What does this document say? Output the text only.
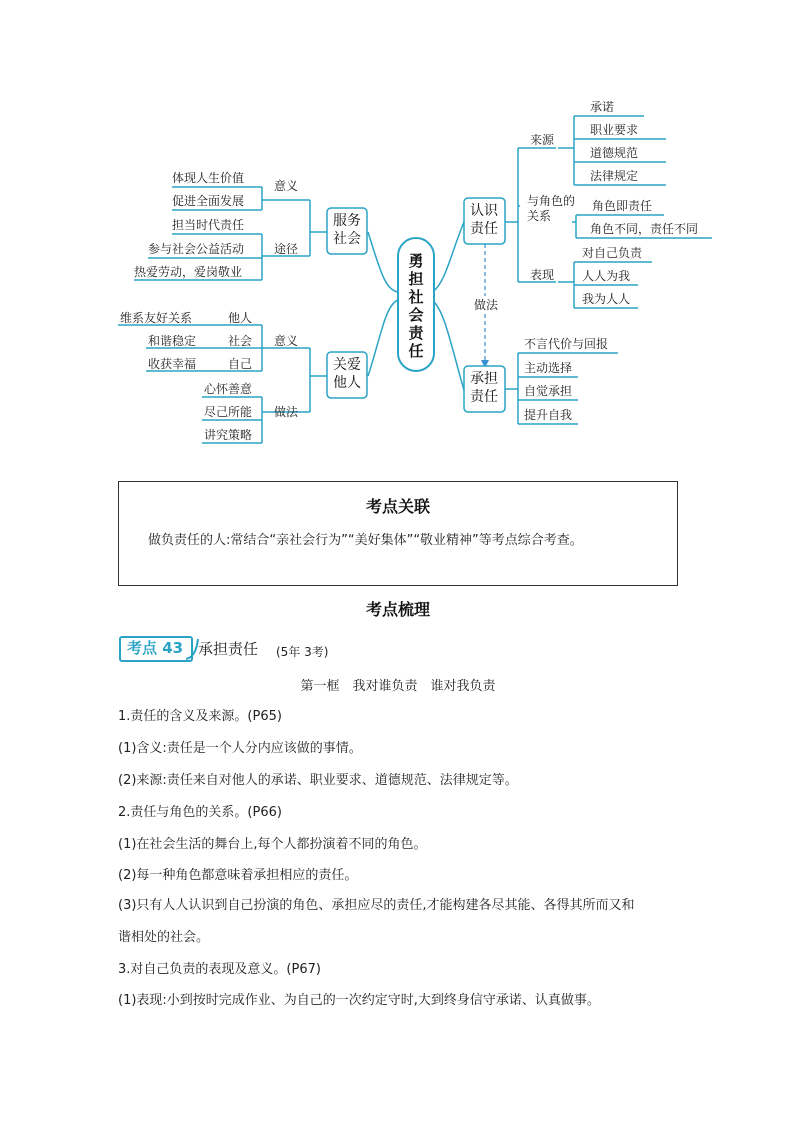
勇担社会责任
服务社会
关爱他人
认识责任
承担责任
意义
体现人生价值
促进全面发展
途径
担当时代责任
参与社会公益活动
热爱劳动，爱岗敬业
意义
维系友好关系	他人
和谐稳定	社会
收获幸福	自己
做法
心怀善意
尽己所能
讲究策略
来源
承诺
职业要求
道德规范
法律规定
与角色的关系
角色即责任
角色不同，责任不同
表现
对自己负责
人人为我
我为人人
做法
不言代价与回报
主动选择
自觉承担
提升自我
考点关联
做负责任的人:常结合“亲社会行为”“美好集体”“敬业精神”等考点综合考查。
考点梳理
考点 43 承担责任 (5年 3考)
第一框　我对谁负责　谁对我负责
1.责任的含义及来源。(P65)
(1)含义:责任是一个人分内应该做的事情。
(2)来源:责任来自对他人的承诺、职业要求、道德规范、法律规定等。
2.责任与角色的关系。(P66)
(1)在社会生活的舞台上,每个人都扮演着不同的角色。
(2)每一种角色都意味着承担相应的责任。
(3)只有人人认识到自己扮演的角色、承担应尽的责任,才能构建各尽其能、各得其所而又和
谐相处的社会。
3.对自己负责的表现及意义。(P67)
(1)表现:小到按时完成作业、为自己的一次约定守时,大到终身信守承诺、认真做事。
